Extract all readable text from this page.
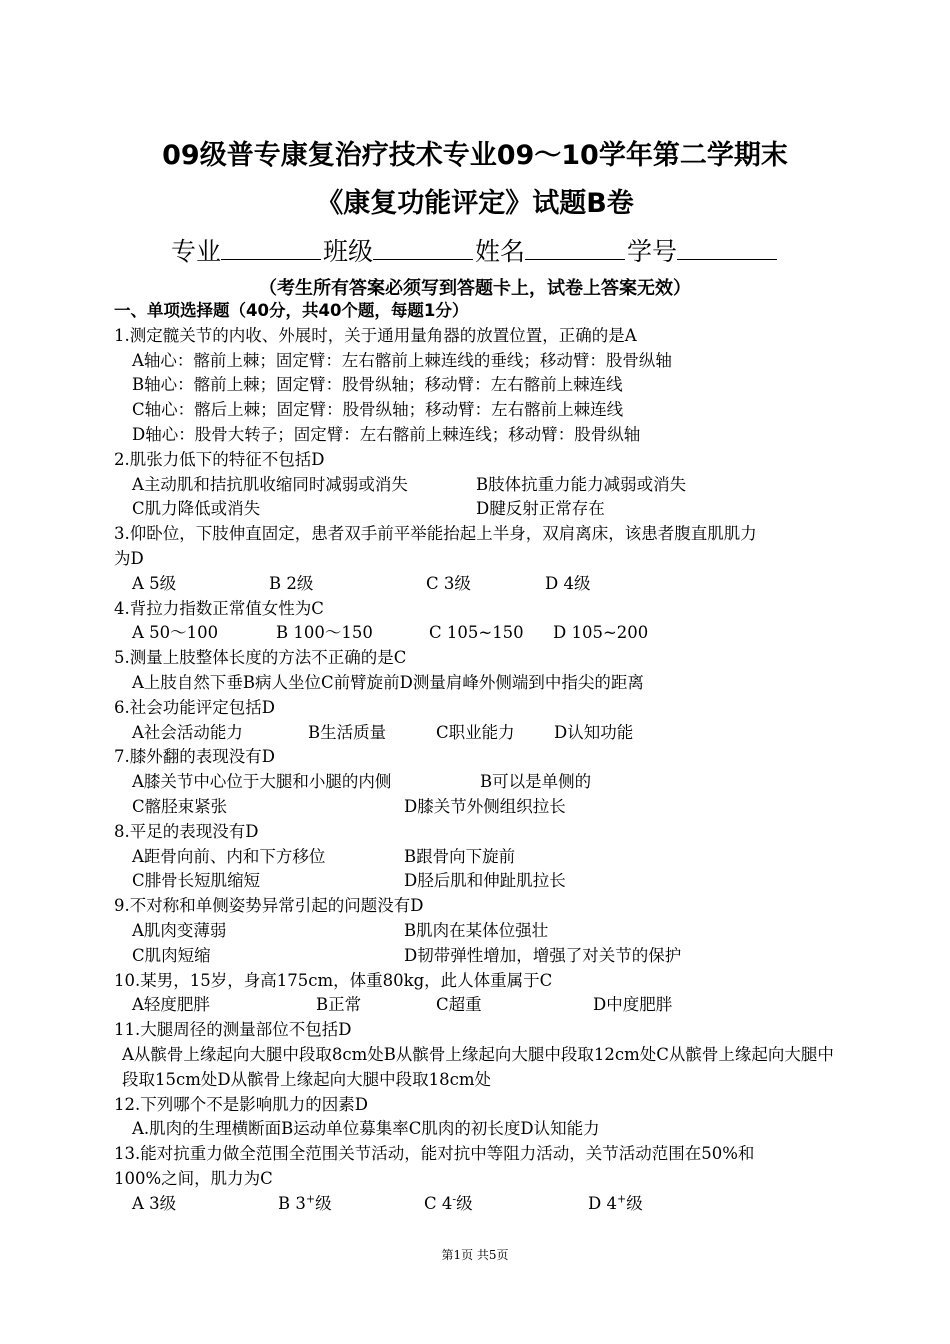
09级普专康复治疗技术专业09～10学年第二学期末
《康复功能评定》试题B卷
专业	班级	姓名	学号
（考生所有答案必须写到答题卡上，试卷上答案无效）
一、单项选择题（40分，共40个题，每题1分）
1.测定髋关节的内收、外展时，关于通用量角器的放置位置，正确的是A
A轴心：髂前上棘；固定臂：左右髂前上棘连线的垂线；移动臂：股骨纵轴
B轴心：髂前上棘；固定臂：股骨纵轴；移动臂：左右髂前上棘连线
C轴心：髂后上棘；固定臂：股骨纵轴；移动臂：左右髂前上棘连线
D轴心：股骨大转子；固定臂：左右髂前上棘连线；移动臂：股骨纵轴
2.肌张力低下的特征不包括D
A主动肌和拮抗肌收缩同时减弱或消失	B肢体抗重力能力减弱或消失
C肌力降低或消失	D腱反射正常存在
3.仰卧位，下肢伸直固定，患者双手前平举能抬起上半身，双肩离床，该患者腹直肌肌力
为D
A 5级	B 2级	C 3级	D 4级
4.背拉力指数正常值女性为C
A 50～100	B 100～150	C 105~150 D 105~200
5.测量上肢整体长度的方法不正确的是C
A上肢自然下垂B病人坐位C前臂旋前D测量肩峰外侧端到中指尖的距离
6.社会功能评定包括D
A社会活动能力	B生活质量	C职业能力 D认知功能
7.膝外翻的表现没有D
A膝关节中心位于大腿和小腿的内侧	B可以是单侧的
C髂胫束紧张	D膝关节外侧组织拉长
8.平足的表现没有D
A距骨向前、内和下方移位	B跟骨向下旋前
C腓骨长短肌缩短	D胫后肌和伸趾肌拉长
9.不对称和单侧姿势异常引起的问题没有D
A肌肉变薄弱	B肌肉在某体位强壮
C肌肉短缩	D韧带弹性增加，增强了对关节的保护
10.某男，15岁，身高175cm，体重80kg，此人体重属于C
A轻度肥胖	B正常	C超重	D中度肥胖
11.大腿周径的测量部位不包括D
A从髌骨上缘起向大腿中段取8cm处B从髌骨上缘起向大腿中段取12cm处C从髌骨上缘起向大腿中段取15cm处D从髌骨上缘起向大腿中段取18cm处
12.下列哪个不是影响肌力的因素D
A.肌肉的生理横断面B运动单位募集率C肌肉的初长度D认知能力
13.能对抗重力做全范围全范围关节活动，能对抗中等阻力活动，关节活动范围在50%和
100%之间，肌力为C
A 3级	B 3+级	C 4-级	D 4+级
第1页 共5页
